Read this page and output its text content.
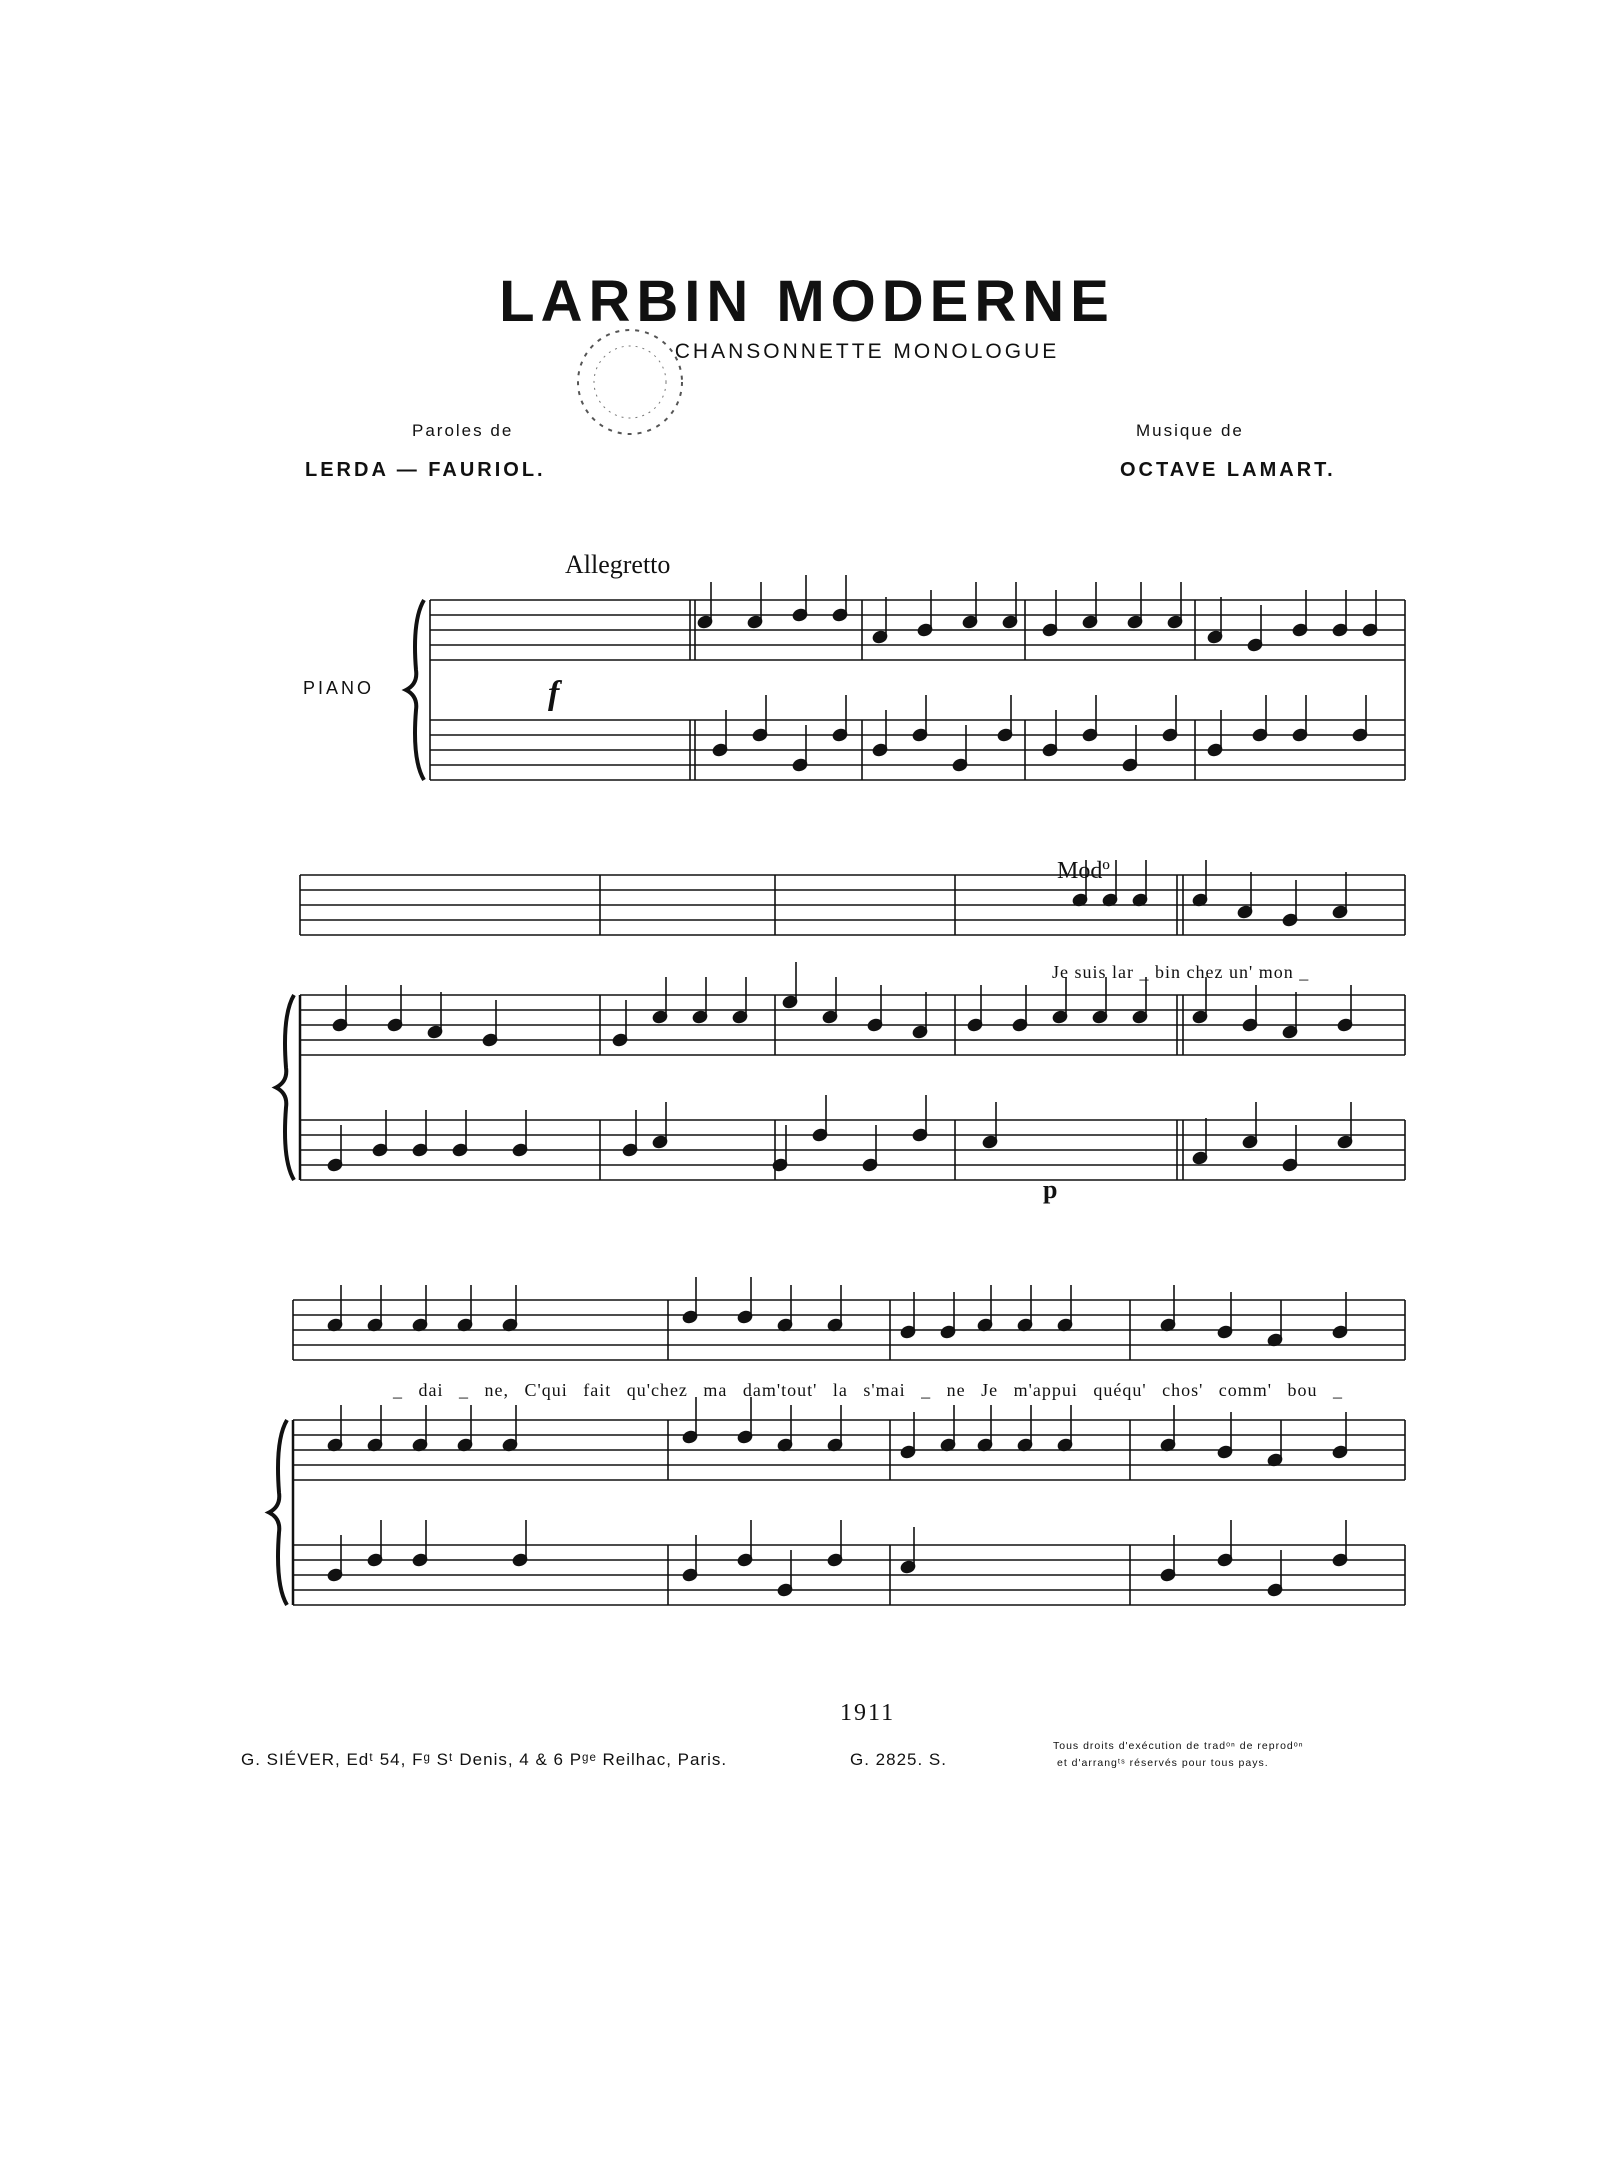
LARBIN MODERNE
CHANSONNETTE MONOLOGUE
Paroles de
LERDA — FAURIOL.
Musique de
OCTAVE LAMART.
Allegretto
PIANO	f
p
Modº
Je suis lar _ bin chez un' mon _
_ dai _ ne, C'qui fait qu'chez ma dam'tout' la s'mai _ ne Je m'appui quéqu' chos' comm' bou _
1911
G. SIÉVER, Edᵗ 54, Fᵍ Sᵗ Denis, 4 & 6 Pᵍᵉ Reilhac, Paris.	G. 2825. S.
Tous droits d'exécution de tradᵒⁿ de reprodᵒⁿ
et d'arrangᵗˢ réservés pour tous pays.
